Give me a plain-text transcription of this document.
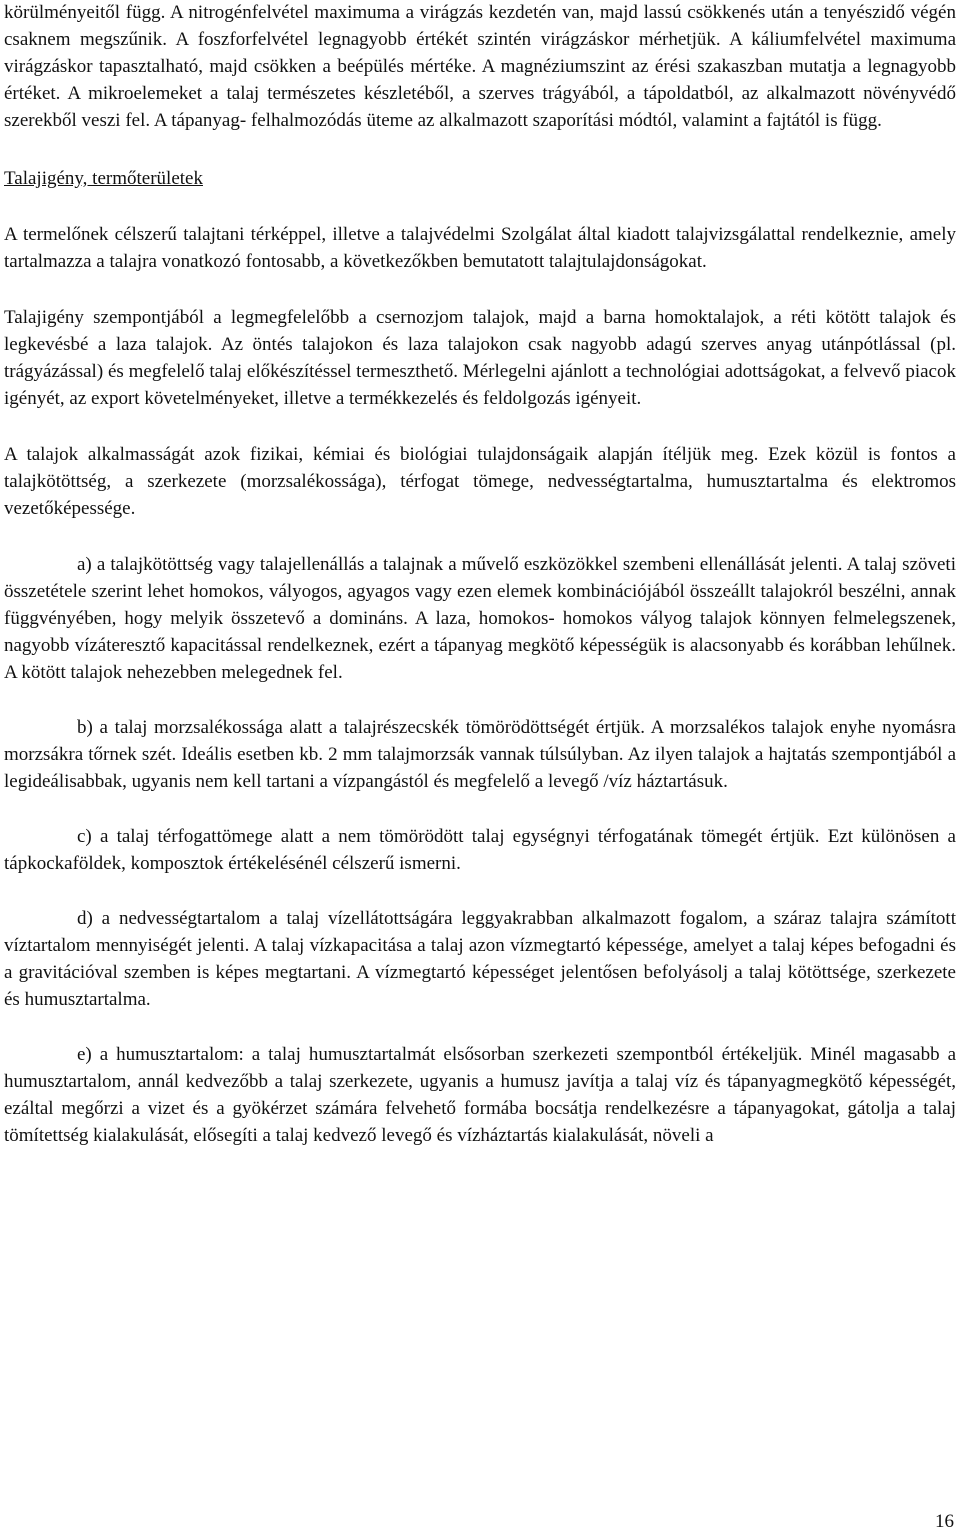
körülményeitől függ. A nitrogénfelvétel maximuma a virágzás kezdetén van, majd lassú csökkenés után a tenyészidő végén csaknem megszűnik. A foszforfelvétel legnagyobb értékét szintén virágzáskor mérhetjük. A káliumfelvétel maximuma virágzáskor tapasztalható, majd csökken a beépülés mértéke. A magnéziumszint az érési szakaszban mutatja a legnagyobb értéket. A mikroelemeket a talaj természetes készletéből, a szerves trágyából, a tápoldatból, az alkalmazott növényvédő szerekből veszi fel. A tápanyag- felhalmozódás üteme az alkalmazott szaporítási módtól, valamint a fajtától is függ.

Talajigény, termőterületek

A termelőnek célszerű talajtani térképpel, illetve a talajvédelmi Szolgálat által kiadott talajvizsgálattal rendelkeznie, amely tartalmazza a talajra vonatkozó fontosabb, a következőkben bemutatott talajtulajdonságokat.

Talajigény szempontjából a legmegfelelőbb a csernozjom talajok, majd a barna homoktalajok, a réti kötött talajok és legkevésbé a laza talajok. Az öntés talajokon és laza talajokon csak nagyobb adagú szerves anyag utánpótlással (pl. trágyázással) és megfelelő talaj előkészítéssel termeszthető. Mérlegelni ajánlott a technológiai adottságokat, a felvevő piacok igényét, az export követelményeket, illetve a termékkezelés és feldolgozás igényeit.

A talajok alkalmasságát azok fizikai, kémiai és biológiai tulajdonságaik alapján ítéljük meg. Ezek közül is fontos a talajkötöttség, a szerkezete (morzsalékossága), térfogat tömege, nedvességtartalma, humusztartalma és elektromos vezetőképessége.

a) a talajkötöttség vagy talajellenállás a talajnak a művelő eszközökkel szembeni ellenállását jelenti. A talaj szöveti összetétele szerint lehet homokos, vályogos, agyagos vagy ezen elemek kombinációjából összeállt talajokról beszélni, annak függvényében, hogy melyik összetevő a domináns. A laza, homokos- homokos vályog talajok könnyen felmelegszenek, nagyobb vízáteresztő kapacitással rendelkeznek, ezért a tápanyag megkötő képességük is alacsonyabb és korábban lehűlnek. A kötött talajok nehezebben melegednek fel.

b) a talaj morzsalékossága alatt a talajrészecskék tömörödöttségét értjük. A morzsalékos talajok enyhe nyomásra morzsákra tőrnek szét. Ideális esetben kb. 2 mm talajmorzsák vannak túlsúlyban. Az ilyen talajok a hajtatás szempontjából a legideálisabbak, ugyanis nem kell tartani a vízpangástól és megfelelő a levegő /víz háztartásuk.

c) a talaj térfogattömege alatt a nem tömörödött talaj egységnyi térfogatának tömegét értjük. Ezt különösen a tápkockaföldek, komposztok értékelésénél célszerű ismerni.

d) a nedvességtartalom a talaj vízellátottságára leggyakrabban alkalmazott fogalom, a száraz talajra számított víztartalom mennyiségét jelenti. A talaj vízkapacitása a talaj azon vízmegtartó képessége, amelyet a talaj képes befogadni és a gravitációval szemben is képes megtartani. A vízmegtartó képességet jelentősen befolyásolj a talaj kötöttsége, szerkezete és humusztartalma.

e) a humusztartalom: a talaj humusztartalmát elsősorban szerkezeti szempontból értékeljük. Minél magasabb a humusztartalom, annál kedvezőbb a talaj szerkezete, ugyanis a humusz javítja a talaj víz és tápanyagmegkötő képességét, ezáltal megőrzi a vizet és a gyökérzet számára felvehető formába bocsátja rendelkezésre a tápanyagokat, gátolja a talaj tömítettség kialakulását, elősegíti a talaj kedvező levegő és vízháztartás kialakulását, növeli a

16
